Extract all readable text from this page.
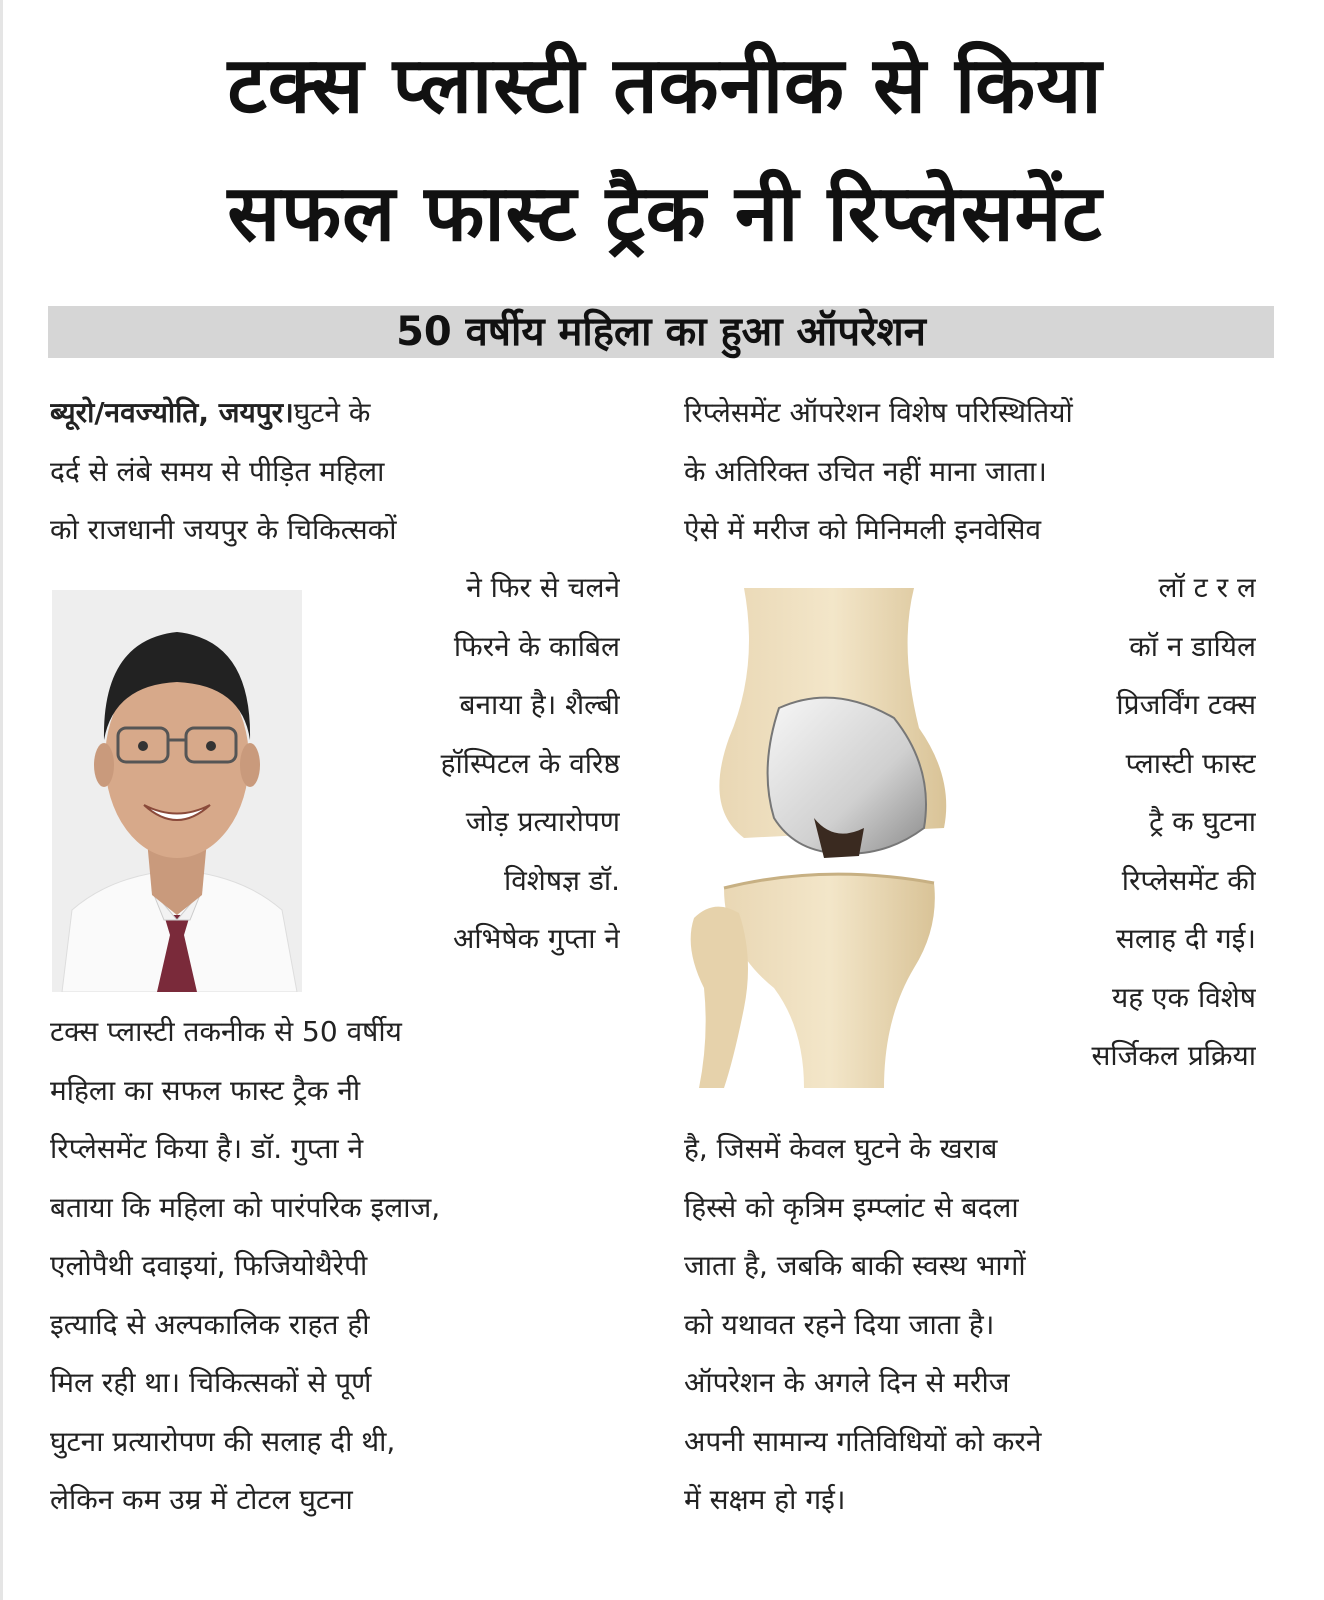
टक्स प्लास्टी तकनीक से किया
सफल फास्ट ट्रैक नी रिप्लेसमेंट
50 वर्षीय महिला का हुआ ऑपरेशन
ब्यूरो/नवज्योति, जयपुर।घुटने के
दर्द से लंबे समय से पीड़ित महिला
को राजधानी जयपुर के चिकित्सकों
ने फिर से चलने
फिरने के काबिल
बनाया है। शैल्बी
हॉस्पिटल के वरिष्ठ
जोड़ प्रत्यारोपण
विशेषज्ञ डॉ.
अभिषेक गुप्ता ने
टक्स प्लास्टी तकनीक से 50 वर्षीय
महिला का सफल फास्ट ट्रैक नी
रिप्लेसमेंट किया है। डॉ. गुप्ता ने
बताया कि महिला को पारंपरिक इलाज,
एलोपैथी दवाइयां, फिजियोथैरेपी
इत्यादि से अल्पकालिक राहत ही
मिल रही था। चिकित्सकों से पूर्ण
घुटना प्रत्यारोपण की सलाह दी थी,
लेकिन कम उम्र में टोटल घुटना
रिप्लेसमेंट ऑपरेशन विशेष परिस्थितियों
के अतिरिक्त उचित नहीं माना जाता।
ऐसे में मरीज को मिनिमली इनवेसिव
लॉ ट र ल
कॉ न डायिल
प्रिजर्विंग टक्स
प्लास्टी फास्ट
ट्रै क घुटना
रिप्लेसमेंट की
सलाह दी गई।
यह एक विशेष
सर्जिकल प्रक्रिया
है, जिसमें केवल घुटने के खराब
हिस्से को कृत्रिम इम्प्लांट से बदला
जाता है, जबकि बाकी स्वस्थ भागों
को यथावत रहने दिया जाता है।
ऑपरेशन के अगले दिन से मरीज
अपनी सामान्य गतिविधियों को करने
में सक्षम हो गई।
